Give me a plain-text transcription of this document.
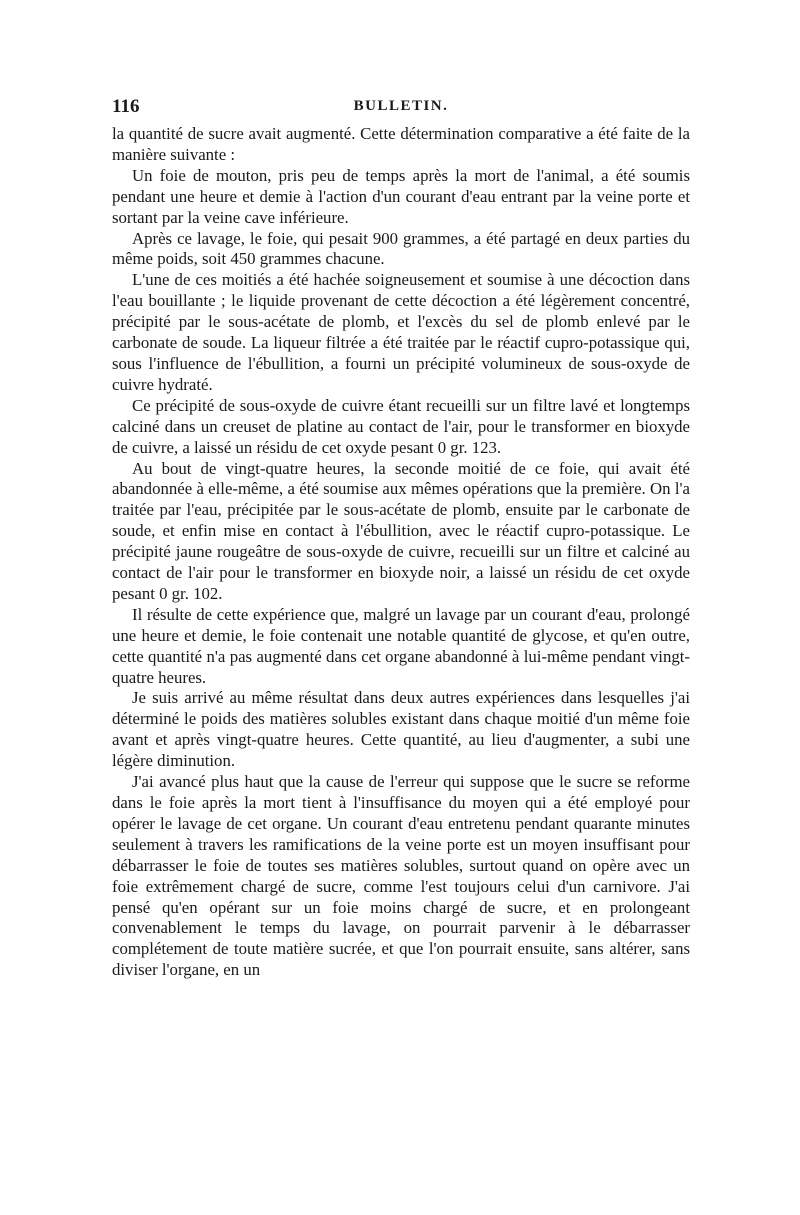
116	BULLETIN.

la quantité de sucre avait augmenté. Cette détermination comparative a été faite de la manière suivante :

Un foie de mouton, pris peu de temps après la mort de l'animal, a été soumis pendant une heure et demie à l'action d'un courant d'eau entrant par la veine porte et sortant par la veine cave inférieure.

Après ce lavage, le foie, qui pesait 900 grammes, a été partagé en deux parties du même poids, soit 450 grammes chacune.

L'une de ces moitiés a été hachée soigneusement et soumise à une décoction dans l'eau bouillante ; le liquide provenant de cette décoction a été légèrement concentré, précipité par le sous-acétate de plomb, et l'excès du sel de plomb enlevé par le carbonate de soude. La liqueur filtrée a été traitée par le réactif cupro-potassique qui, sous l'influence de l'ébullition, a fourni un précipité volumineux de sous-oxyde de cuivre hydraté.

Ce précipité de sous-oxyde de cuivre étant recueilli sur un filtre lavé et longtemps calciné dans un creuset de platine au contact de l'air, pour le transformer en bioxyde de cuivre, a laissé un résidu de cet oxyde pesant 0 gr. 123.

Au bout de vingt-quatre heures, la seconde moitié de ce foie, qui avait été abandonnée à elle-même, a été soumise aux mêmes opérations que la première. On l'a traitée par l'eau, précipitée par le sous-acétate de plomb, ensuite par le carbonate de soude, et enfin mise en contact à l'ébullition, avec le réactif cupro-potassique. Le précipité jaune rougeâtre de sous-oxyde de cuivre, recueilli sur un filtre et calciné au contact de l'air pour le transformer en bioxyde noir, a laissé un résidu de cet oxyde pesant 0 gr. 102.

Il résulte de cette expérience que, malgré un lavage par un courant d'eau, prolongé une heure et demie, le foie contenait une notable quantité de glycose, et qu'en outre, cette quantité n'a pas augmenté dans cet organe abandonné à lui-même pendant vingt-quatre heures.

Je suis arrivé au même résultat dans deux autres expériences dans lesquelles j'ai déterminé le poids des matières solubles existant dans chaque moitié d'un même foie avant et après vingt-quatre heures. Cette quantité, au lieu d'augmenter, a subi une légère diminution.

J'ai avancé plus haut que la cause de l'erreur qui suppose que le sucre se reforme dans le foie après la mort tient à l'insuffisance du moyen qui a été employé pour opérer le lavage de cet organe. Un courant d'eau entretenu pendant quarante minutes seulement à travers les ramifications de la veine porte est un moyen insuffisant pour débarrasser le foie de toutes ses matières solubles, surtout quand on opère avec un foie extrêmement chargé de sucre, comme l'est toujours celui d'un carnivore. J'ai pensé qu'en opérant sur un foie moins chargé de sucre, et en prolongeant convenablement le temps du lavage, on pourrait parvenir à le débarrasser complétement de toute matière sucrée, et que l'on pourrait ensuite, sans altérer, sans diviser l'organe, en un
